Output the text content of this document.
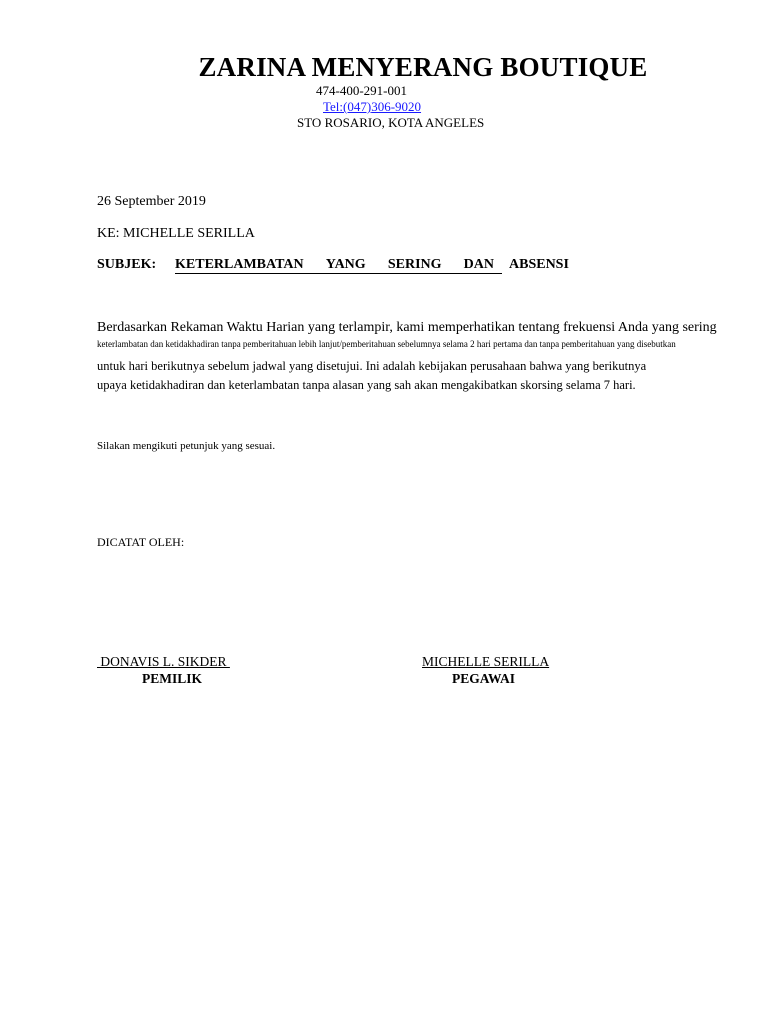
ZARINA MENYERANG BOUTIQUE
474-400-291-001
Tel:(047)306-9020
STO ROSARIO, KOTA ANGELES
26 September 2019
KE: MICHELLE SERILLA
SUBJEK: KETERLAMBATAN YANG SERING DAN ABSENSI
Berdasarkan Rekaman Waktu Harian yang terlampir, kami memperhatikan tentang frekuensi Anda yang sering
keterlambatan dan ketidakhadiran tanpa pemberitahuan lebih lanjut/pemberitahuan sebelumnya selama 2 hari pertama dan tanpa pemberitahuan yang disebutkan
untuk hari berikutnya sebelum jadwal yang disetujui. Ini adalah kebijakan perusahaan bahwa yang berikutnya
upaya ketidakhadiran dan keterlambatan tanpa alasan yang sah akan mengakibatkan skorsing selama 7 hari.
Silakan mengikuti petunjuk yang sesuai.
DICATAT OLEH:
DONAVIS L. SIKDER
PEMILIK
MICHELLE SERILLA
PEGAWAI
